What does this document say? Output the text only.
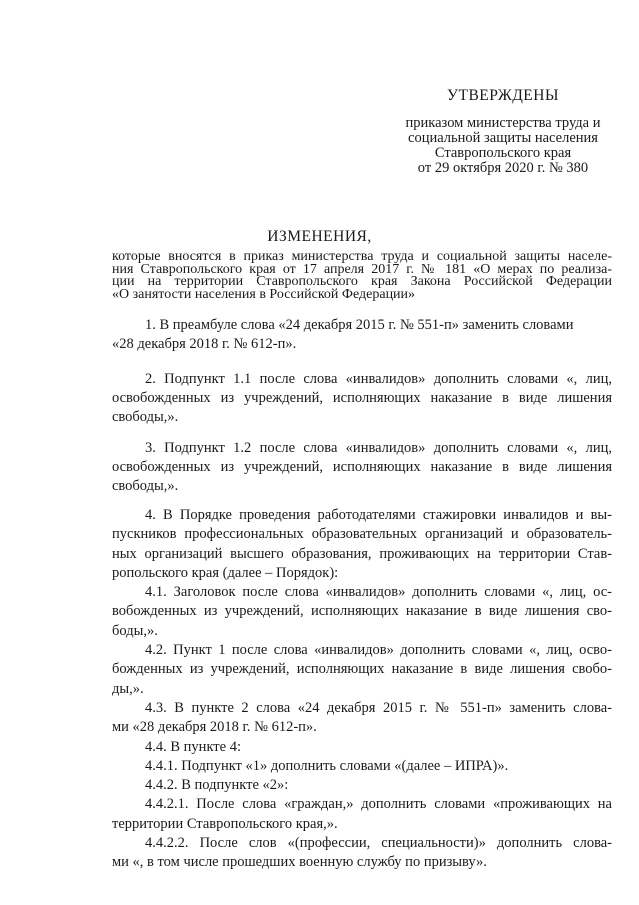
УТВЕРЖДЕНЫ
приказом министерства труда и
социальной защиты населения
Ставропольского края
от 29 октября 2020 г. № 380
ИЗМЕНЕНИЯ,
которые вносятся в приказ министерства труда и социальной защиты населе-
ния Ставропольского края от 17 апреля 2017 г. № 181 «О мерах по реализа-
ции на территории Ставропольского края Закона Российской Федерации
«О занятости населения в Российской Федерации»
1. В преамбуле слова «24 декабря 2015 г. № 551-п» заменить словами
«28 декабря 2018 г. № 612-п».
2. Подпункт 1.1 после слова «инвалидов» дополнить словами «, лиц,
освобожденных из учреждений, исполняющих наказание в виде лишения
свободы,».
3. Подпункт 1.2 после слова «инвалидов» дополнить словами «, лиц,
освобожденных из учреждений, исполняющих наказание в виде лишения
свободы,».
4. В Порядке проведения работодателями стажировки инвалидов и вы-
пускников профессиональных образовательных организаций и образователь-
ных организаций высшего образования, проживающих на территории Став-
ропольского края (далее – Порядок):
4.1. Заголовок после слова «инвалидов» дополнить словами «, лиц, ос-
вобожденных из учреждений, исполняющих наказание в виде лишения сво-
боды,».
4.2. Пункт 1 после слова «инвалидов» дополнить словами «, лиц, осво-
божденных из учреждений, исполняющих наказание в виде лишения свобо-
ды,».
4.3. В пункте 2 слова «24 декабря 2015 г. № 551-п» заменить слова-
ми «28 декабря 2018 г. № 612-п».
4.4. В пункте 4:
4.4.1. Подпункт «1» дополнить словами «(далее – ИПРА)».
4.4.2. В подпункте «2»:
4.4.2.1. После слова «граждан,» дополнить словами «проживающих на
территории Ставропольского края,».
4.4.2.2. После слов «(профессии, специальности)» дополнить слова-
ми «, в том числе прошедших военную службу по призыву».
